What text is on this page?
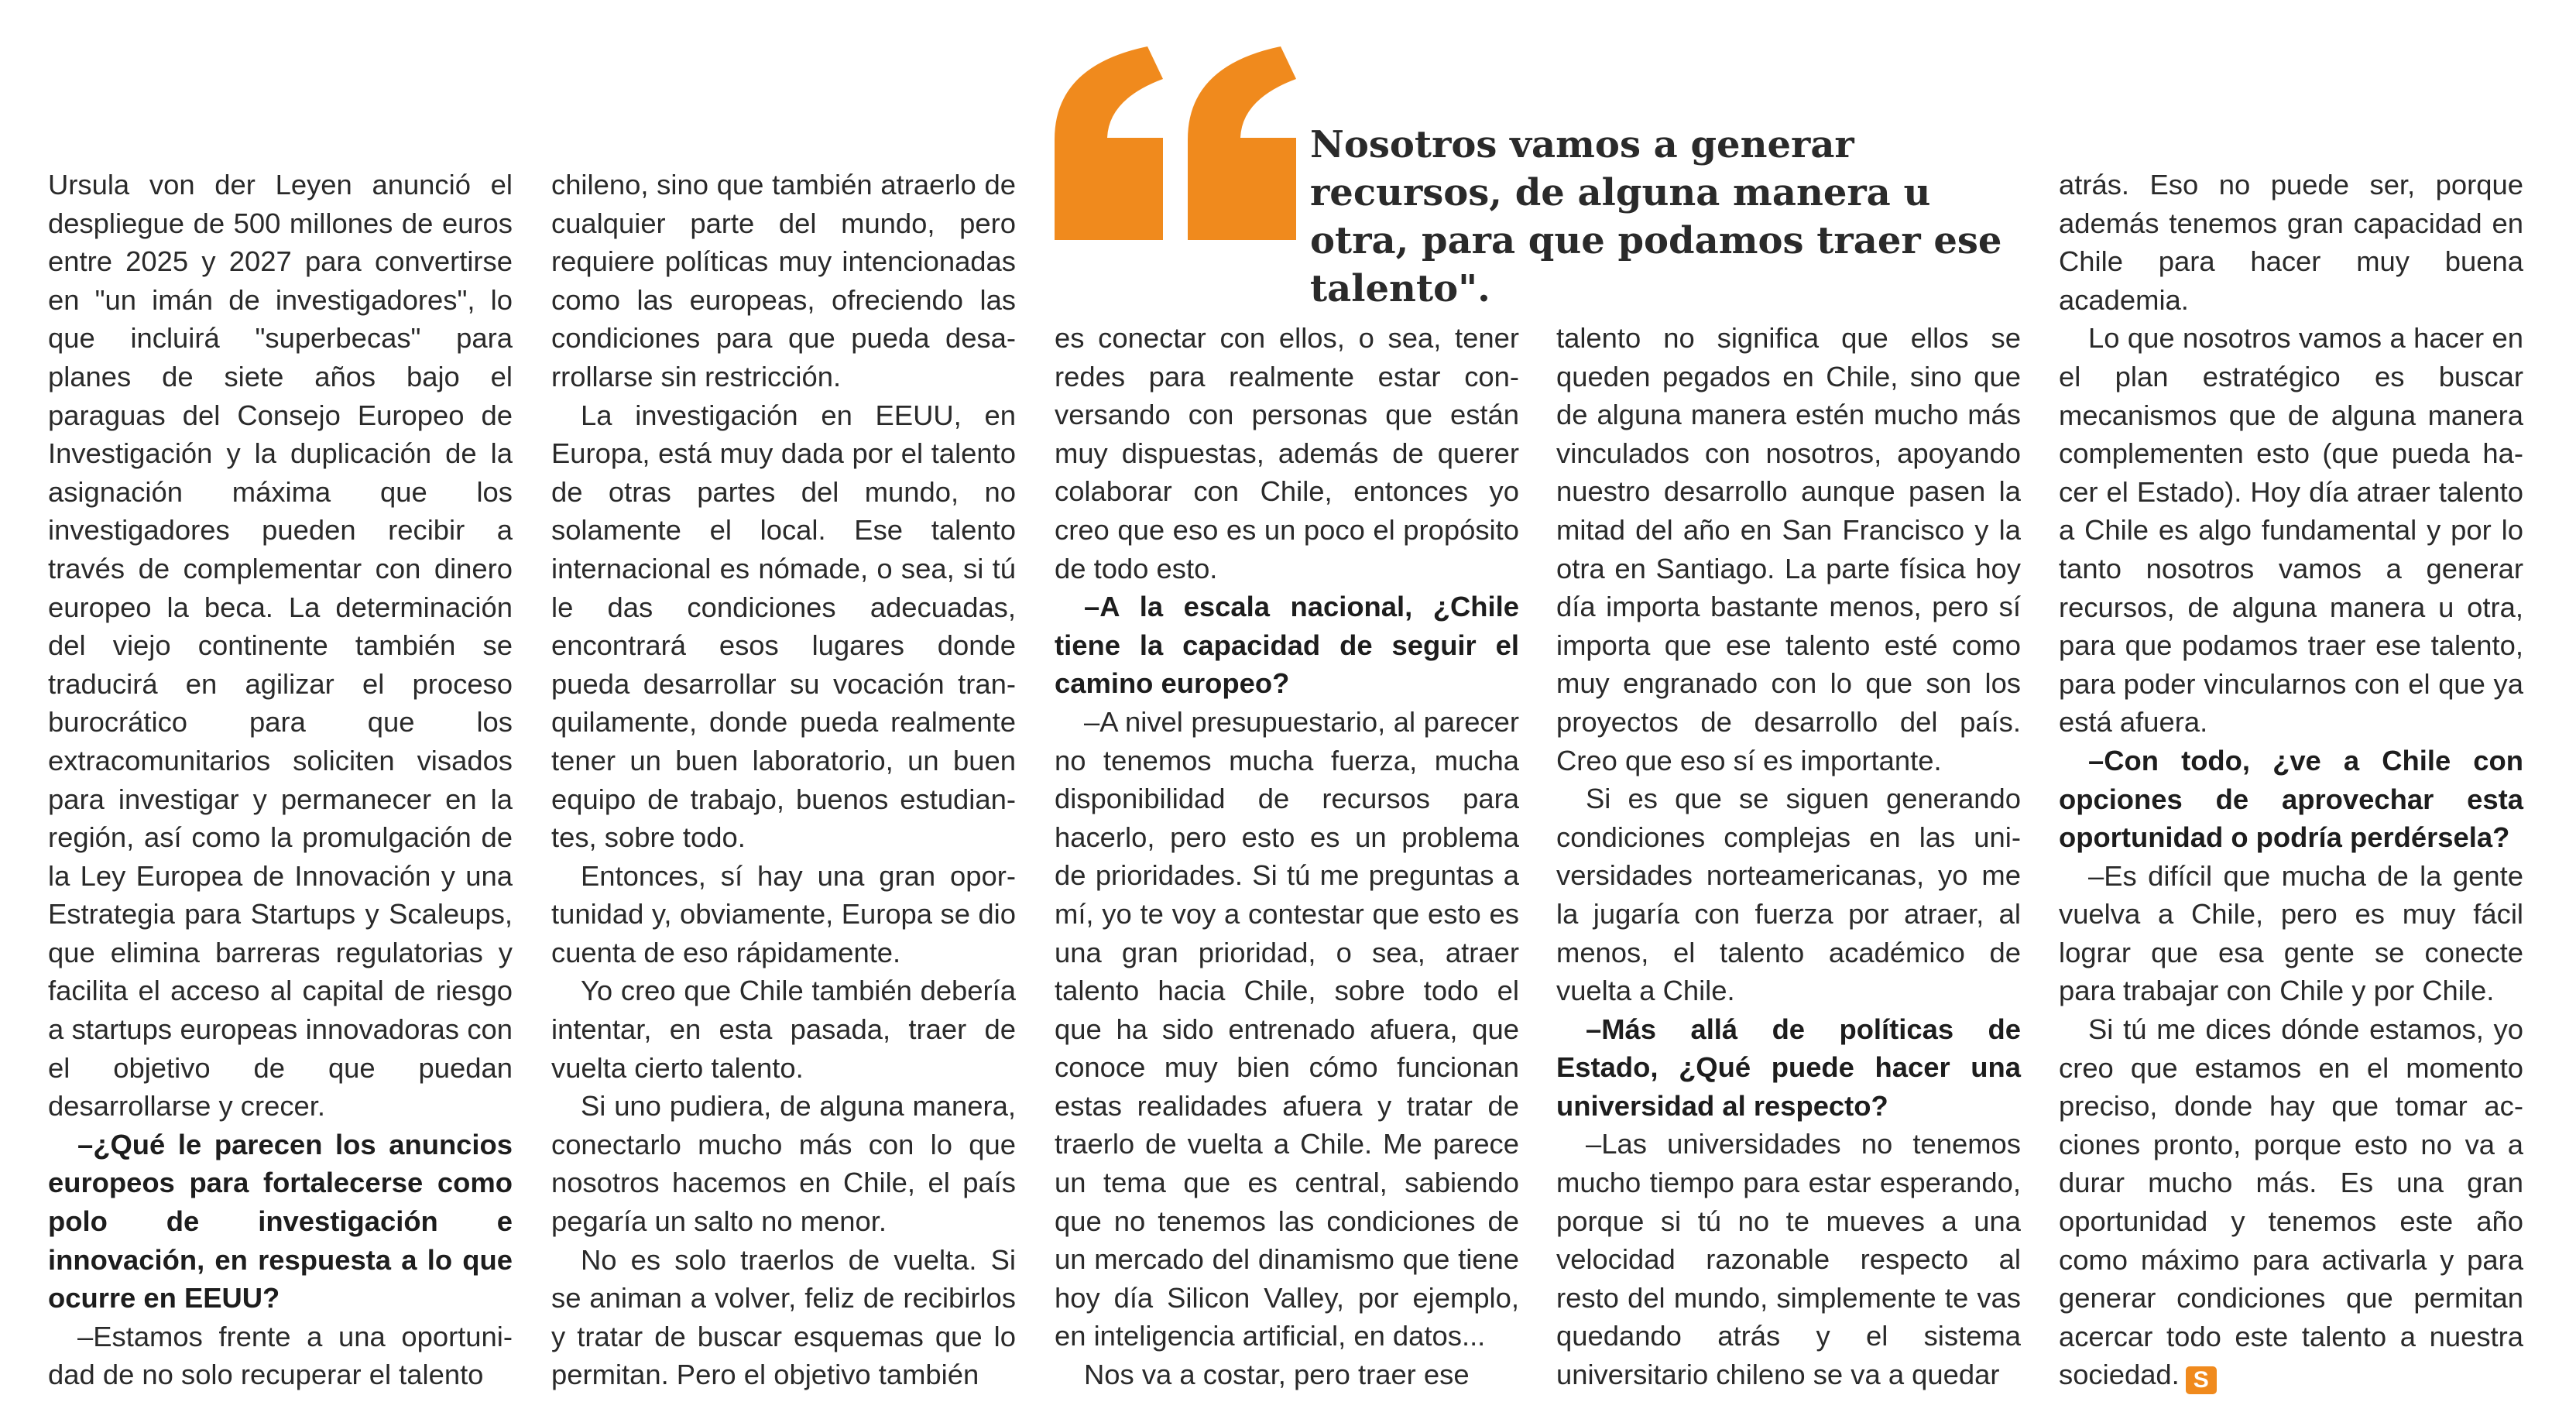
Nosotros vamos a generar recursos, de alguna manera u otra, para que podamos traer ese talento".

Ursula von der Leyen anunció el despliegue de 500 millones de euros entre 2025 y 2027 para convertirse en "un imán de investigadores", lo que incluirá "superbecas" para planes de siete años bajo el paraguas del Consejo Europeo de Investigación y la duplicación de la asignación máxima que los investigadores pueden recibir a través de complementar con dinero europeo la beca. La determinación del viejo continente también se traducirá en agilizar el proceso burocrático para que los extracomunitarios soliciten visados para investigar y permanecer en la región, así como la promulgación de la Ley Europea de Innovación y una Estrategia para Startups y Scaleups, que elimina barreras regulatorias y facilita el acceso al capital de riesgo a startups europeas innovadoras con el objetivo de que puedan desarrollarse y crecer.

–¿Qué le parecen los anuncios europeos para fortalecerse como polo de investigación e innovación, en respuesta a lo que ocurre en EEUU?

–Estamos frente a una oportunidad de no solo recuperar el talento

chileno, sino que también atraerlo de cualquier parte del mundo, pero requiere políticas muy intencionadas como las europeas, ofreciendo las condiciones para que pueda desarrollarse sin restricción.

La investigación en EEUU, en Europa, está muy dada por el talento de otras partes del mundo, no solamente el local. Ese talento internacional es nómade, o sea, si tú le das condiciones adecuadas, encontrará esos lugares donde pueda desarrollar su vocación tranquilamente, donde pueda realmente tener un buen laboratorio, un buen equipo de trabajo, buenos estudiantes, sobre todo.

Entonces, sí hay una gran oportunidad y, obviamente, Europa se dio cuenta de eso rápidamente.

Yo creo que Chile también debería intentar, en esta pasada, traer de vuelta cierto talento.

Si uno pudiera, de alguna manera, conectarlo mucho más con lo que nosotros hacemos en Chile, el país pegaría un salto no menor.

No es solo traerlos de vuelta. Si se animan a volver, feliz de recibirlos y tratar de buscar esquemas que lo permitan. Pero el objetivo también

es conectar con ellos, o sea, tener redes para realmente estar conversando con personas que están muy dispuestas, además de querer colaborar con Chile, entonces yo creo que eso es un poco el propósito de todo esto.

–A la escala nacional, ¿Chile tiene la capacidad de seguir el camino europeo?

–A nivel presupuestario, al parecer no tenemos mucha fuerza, mucha disponibilidad de recursos para hacerlo, pero esto es un problema de prioridades. Si tú me preguntas a mí, yo te voy a contestar que esto es una gran prioridad, o sea, atraer talento hacia Chile, sobre todo el que ha sido entrenado afuera, que conoce muy bien cómo funcionan estas realidades afuera y tratar de traerlo de vuelta a Chile. Me parece un tema que es central, sabiendo que no tenemos las condiciones de un mercado del dinamismo que tiene hoy día Silicon Valley, por ejemplo, en inteligencia artificial, en datos...

Nos va a costar, pero traer ese

talento no significa que ellos se queden pegados en Chile, sino que de alguna manera estén mucho más vinculados con nosotros, apoyando nuestro desarrollo aunque pasen la mitad del año en San Francisco y la otra en Santiago. La parte física hoy día importa bastante menos, pero sí importa que ese talento esté como muy engranado con lo que son los proyectos de desarrollo del país. Creo que eso sí es importante.

Si es que se siguen generando condiciones complejas en las universidades norteamericanas, yo me la jugaría con fuerza por atraer, al menos, el talento académico de vuelta a Chile.

–Más allá de políticas de Estado, ¿Qué puede hacer una universidad al respecto?

–Las universidades no tenemos mucho tiempo para estar esperando, porque si tú no te mueves a una velocidad razonable respecto al resto del mundo, simplemente te vas quedando atrás y el sistema universitario chileno se va a quedar

atrás. Eso no puede ser, porque además tenemos gran capacidad en Chile para hacer muy buena academia.

Lo que nosotros vamos a hacer en el plan estratégico es buscar mecanismos que de alguna manera complementen esto (que pueda hacer el Estado). Hoy día atraer talento a Chile es algo fundamental y por lo tanto nosotros vamos a generar recursos, de alguna manera u otra, para que podamos traer ese talento, para poder vincularnos con el que ya está afuera.

–Con todo, ¿ve a Chile con opciones de aprovechar esta oportunidad o podría perdérsela?

–Es difícil que mucha de la gente vuelva a Chile, pero es muy fácil lograr que esa gente se conecte para trabajar con Chile y por Chile.

Si tú me dices dónde estamos, yo creo que estamos en el momento preciso, donde hay que tomar acciones pronto, porque esto no va a durar mucho más. Es una gran oportunidad y tenemos este año como máximo para activarla y para generar condiciones que permitan acercar todo este talento a nuestra sociedad. S
